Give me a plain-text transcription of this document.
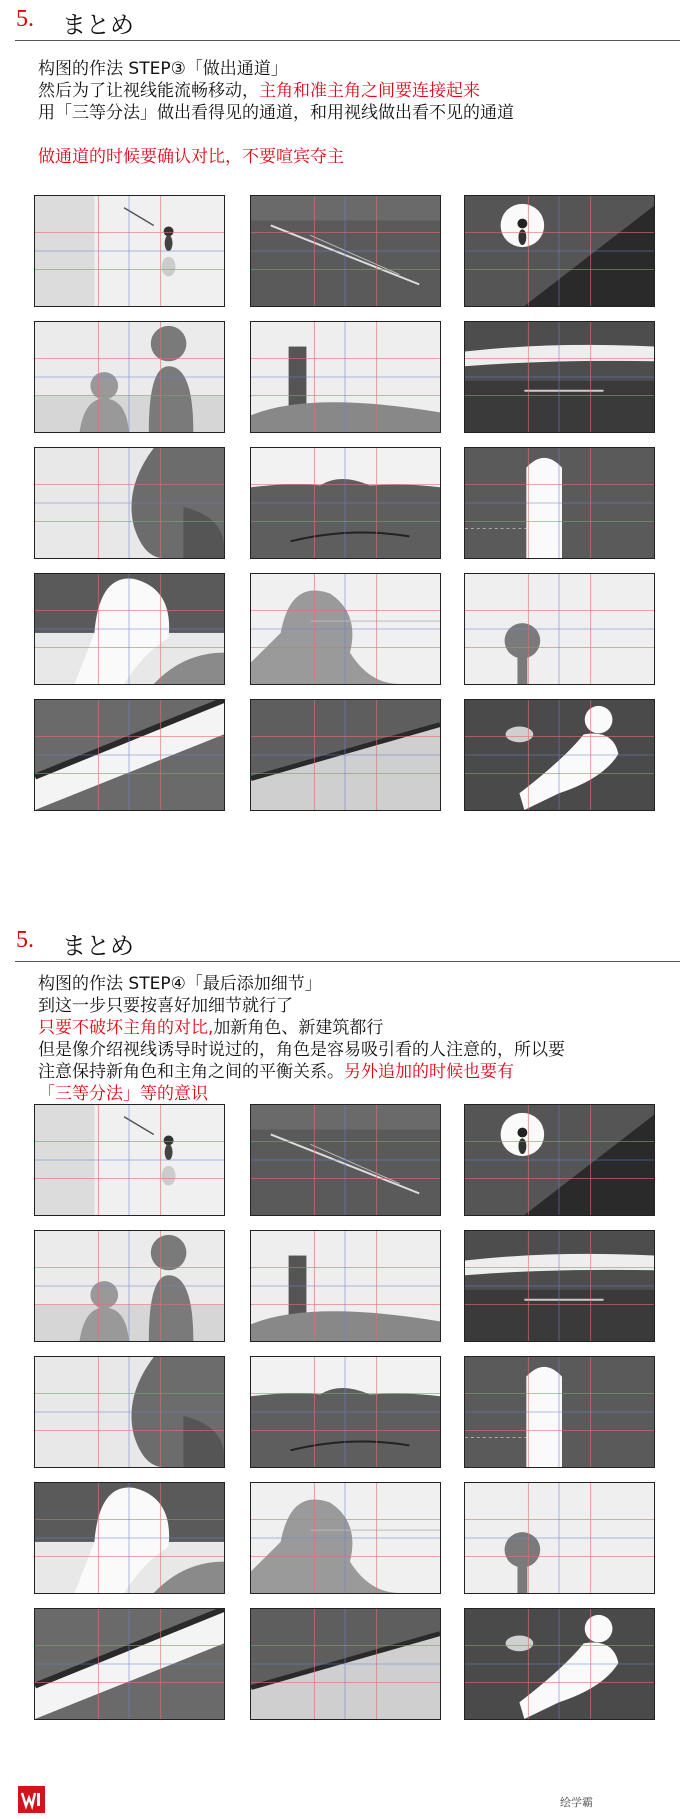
5. まとめ
构图的作法 STEP③「做出通道」
然后为了让视线能流畅移动，主角和准主角之间要连接起来
用「三等分法」做出看得见的通道，和用视线做出看不见的通道
做通道的时候要确认对比，不要喧宾夺主
5. まとめ
构图的作法 STEP④「最后添加细节」
到这一步只要按喜好加细节就行了
只要不破坏主角的对比,加新角色、新建筑都行
但是像介绍视线诱导时说过的，角色是容易吸引看的人注意的，所以要
注意保持新角色和主角之间的平衡关系。另外追加的时候也要有
「三等分法」等的意识
绘学霸
